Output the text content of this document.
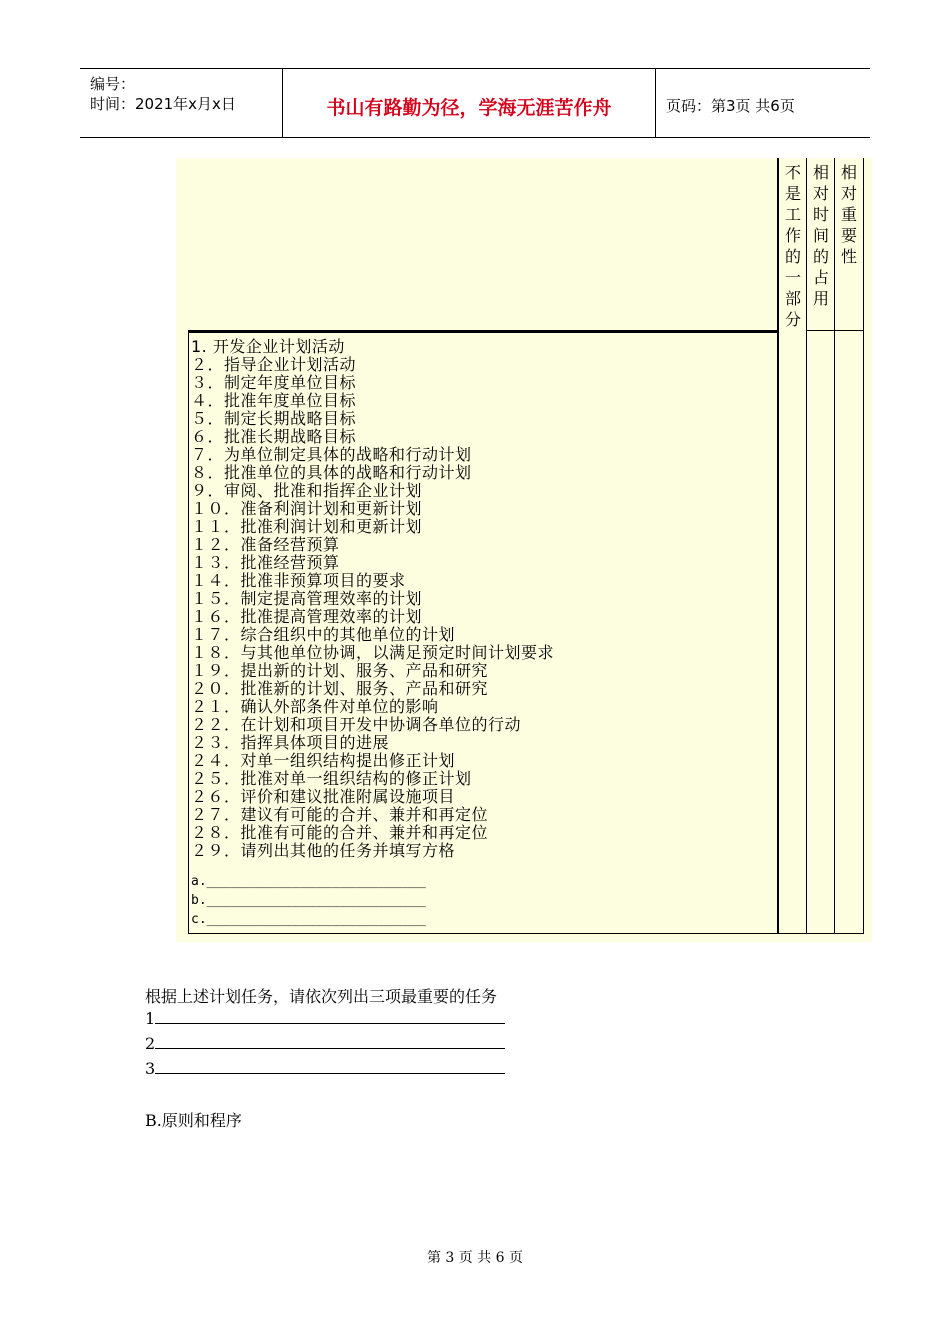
编号：
时间：2021年x月x日	书山有路勤为径，学海无涯苦作舟	页码：第3页 共6页
不是工作的一部分
相对时间的占用
相对重要性
1. 开发企业计划活动
２．指导企业计划活动
３．制定年度单位目标
４．批准年度单位目标
５．制定长期战略目标
６．批准长期战略目标
７．为单位制定具体的战略和行动计划
８．批准单位的具体的战略和行动计划
９．审阅、批准和指挥企业计划
１０．准备利润计划和更新计划
１１．批准利润计划和更新计划
１２．准备经营预算
１３．批准经营预算
１４．批准非预算项目的要求
１５．制定提高管理效率的计划
１６．批准提高管理效率的计划
１７．综合组织中的其他单位的计划
１８．与其他单位协调，以满足预定时间计划要求
１９．提出新的计划、服务、产品和研究
２０．批准新的计划、服务、产品和研究
２１．确认外部条件对单位的影响
２２．在计划和项目开发中协调各单位的行动
２３．指挥具体项目的进展
２４．对单一组织结构提出修正计划
２５．批准对单一组织结构的修正计划
２６．评价和建议批准附属设施项目
２７．建议有可能的合并、兼并和再定位
２８．批准有可能的合并、兼并和再定位
２９．请列出其他的任务并填写方格
a.____________________________
b.____________________________
c.____________________________
根据上述计划任务，请依次列出三项最重要的任务
1
2
3
B.原则和程序
第 3 页 共 6 页
